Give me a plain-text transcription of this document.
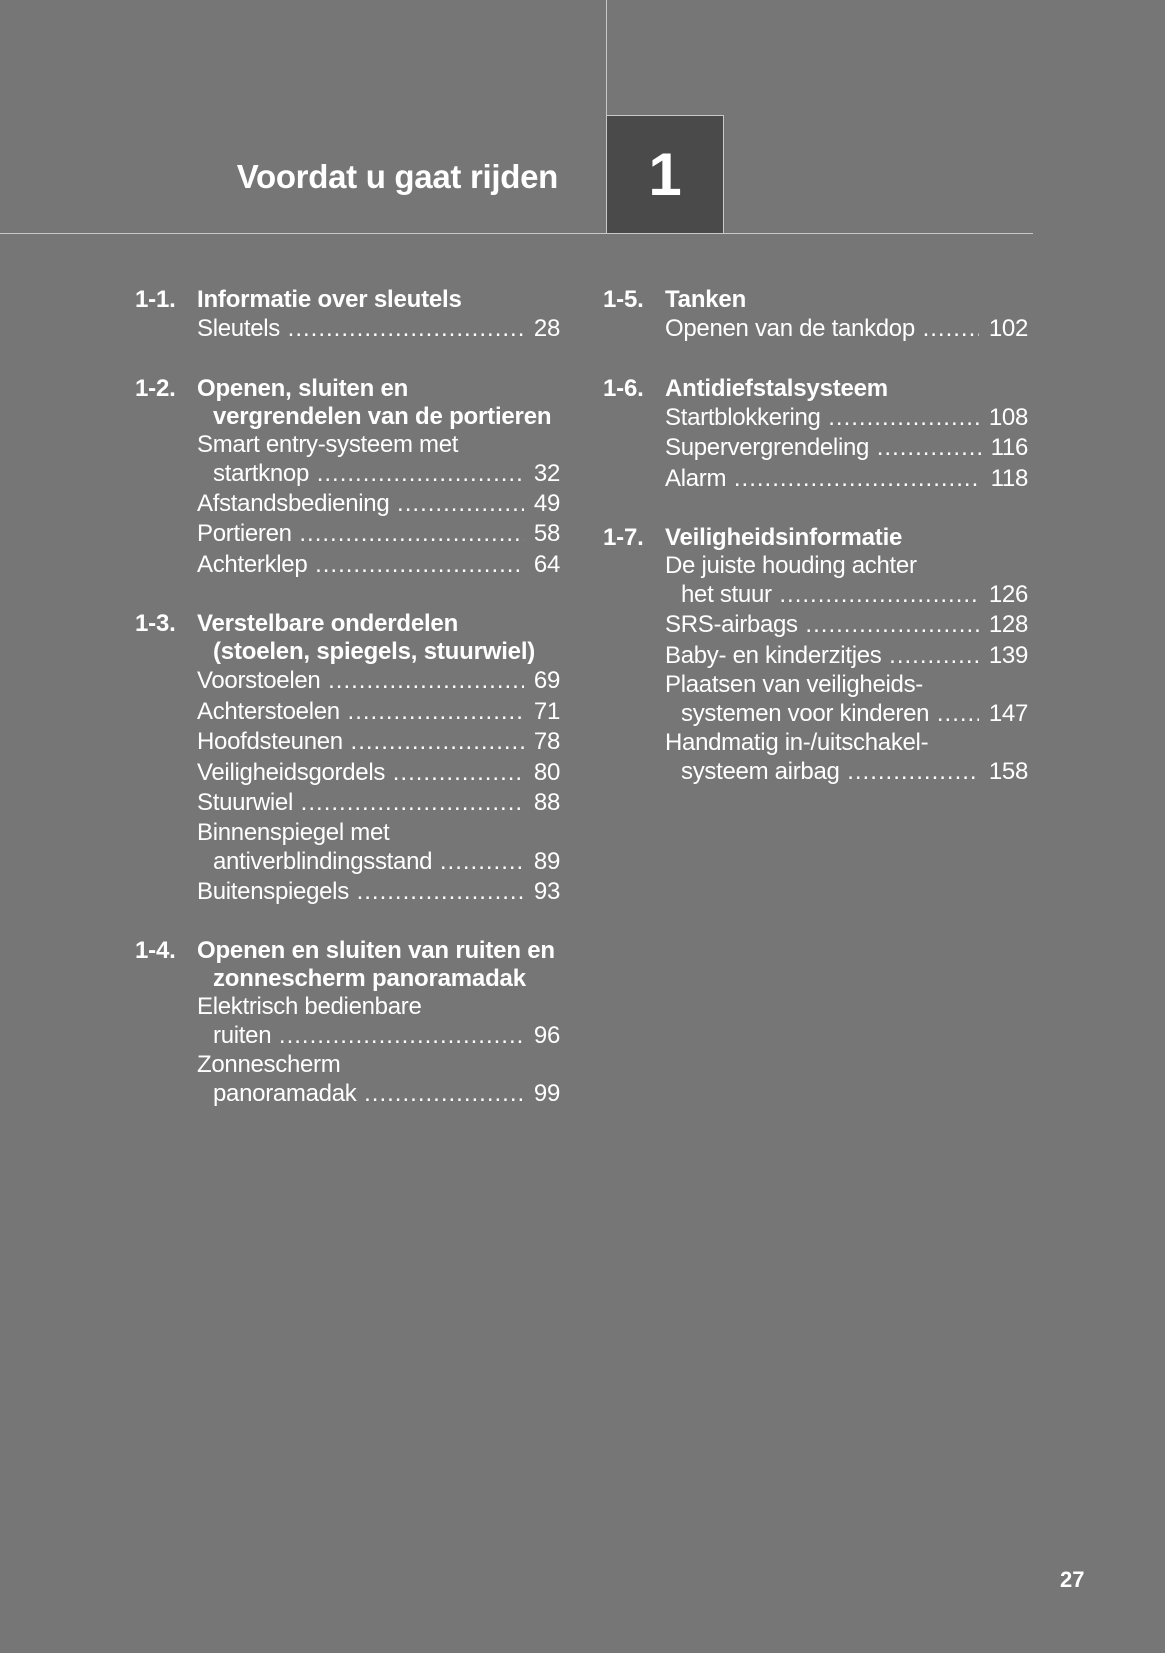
Voordat u gaat rijden 1
1-1. Informatie over sleutels
Sleutels .....	28
1-2. Openen, sluiten en vergrendelen van de portieren
Smart entry-systeem met
startknop .....	32
Afstandsbediening .....	49
Portieren .....	58
Achterklep .....	64
1-3. Verstelbare onderdelen (stoelen, spiegels, stuurwiel)
Voorstoelen .....	69
Achterstoelen .....	71
Hoofdsteunen .....	78
Veiligheidsgordels .....	80
Stuurwiel .....	88
Binnenspiegel met
antiverblindingsstand .....	89
Buitenspiegels .....	93
1-4. Openen en sluiten van ruiten en zonnescherm panoramadak
Elektrisch bedienbare
ruiten .....	96
Zonnescherm
panoramadak .....	99
1-5. Tanken
Openen van de tankdop .....	102
1-6. Antidiefstalsysteem
Startblokkering .....	108
Supervergrendeling .....	116
Alarm .....	118
1-7. Veiligheidsinformatie
De juiste houding achter
het stuur .....	126
SRS-airbags .....	128
Baby- en kinderzitjes .....	139
Plaatsen van veiligheids-
systemen voor kinderen .....	147
Handmatig in-/uitschakel-
systeem airbag .....	158
27
